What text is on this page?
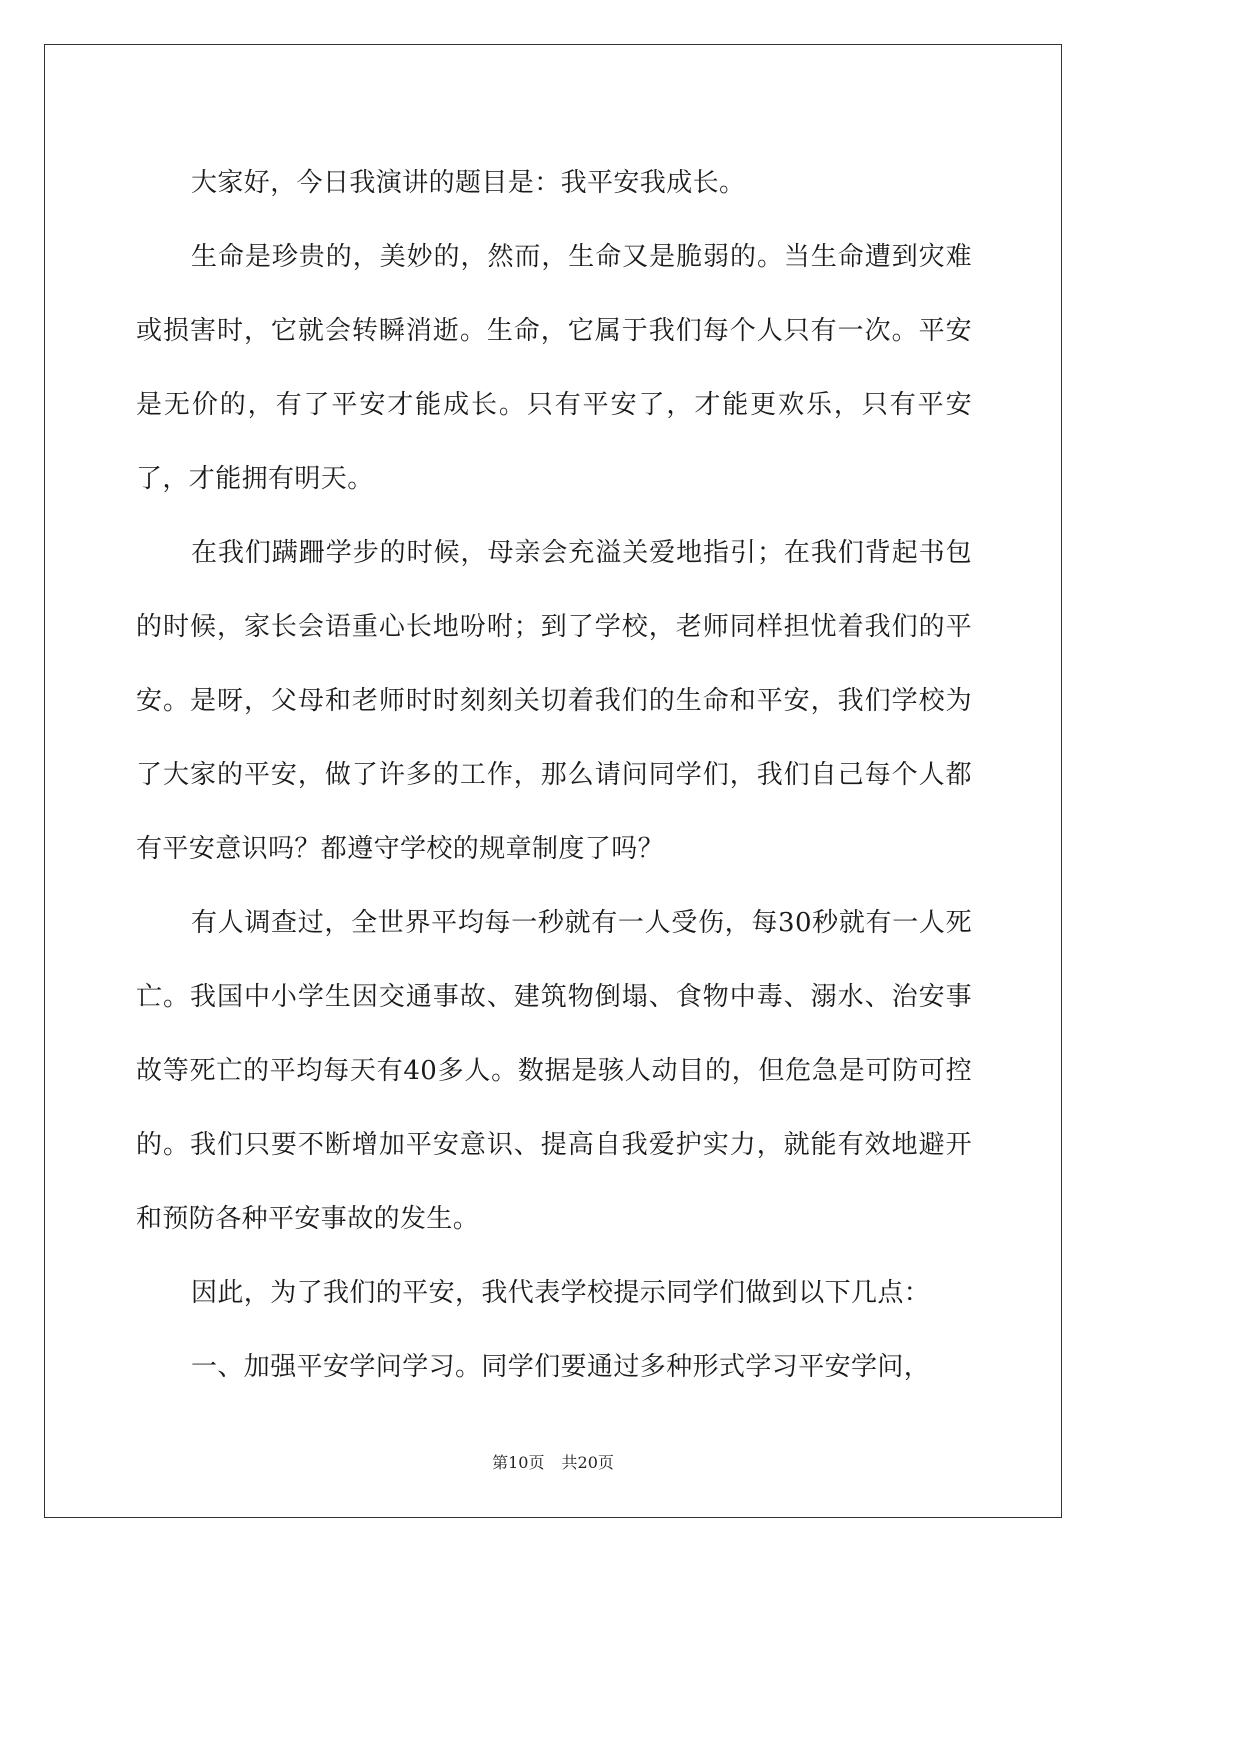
大家好，今日我演讲的题目是：我平安我成长。

生命是珍贵的，美妙的，然而，生命又是脆弱的。当生命遭到灾难或损害时，它就会转瞬消逝。生命，它属于我们每个人只有一次。平安是无价的，有了平安才能成长。只有平安了，才能更欢乐，只有平安了，才能拥有明天。

在我们蹒跚学步的时候，母亲会充溢关爱地指引；在我们背起书包的时候，家长会语重心长地吩咐；到了学校，老师同样担忧着我们的平安。是呀，父母和老师时时刻刻关切着我们的生命和平安，我们学校为了大家的平安，做了许多的工作，那么请问同学们，我们自己每个人都有平安意识吗？都遵守学校的规章制度了吗？

有人调查过，全世界平均每一秒就有一人受伤，每30秒就有一人死亡。我国中小学生因交通事故、建筑物倒塌、食物中毒、溺水、治安事故等死亡的平均每天有40多人。数据是骇人动目的，但危急是可防可控的。我们只要不断增加平安意识、提高自我爱护实力，就能有效地避开和预防各种平安事故的发生。

因此，为了我们的平安，我代表学校提示同学们做到以下几点：

一、加强平安学问学习。同学们要通过多种形式学习平安学问，

第10页 共20页
